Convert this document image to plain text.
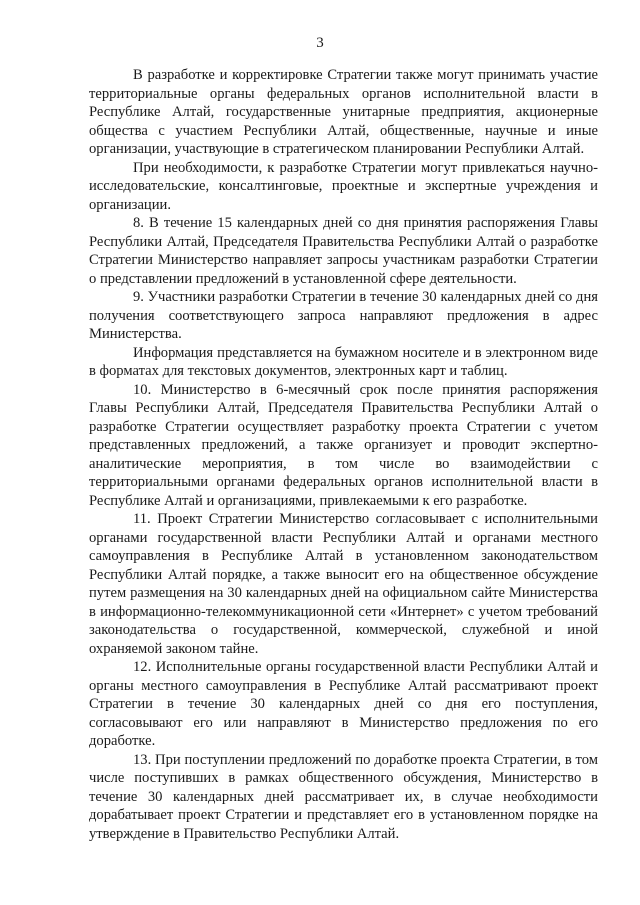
3

В разработке и корректировке Стратегии также могут принимать участие территориальные органы федеральных органов исполнительной власти в Республике Алтай, государственные унитарные предприятия, акционерные общества с участием Республики Алтай, общественные, научные и иные организации, участвующие в стратегическом планировании Республики Алтай.

При необходимости, к разработке Стратегии могут привлекаться научно-исследовательские, консалтинговые, проектные и экспертные учреждения и организации.

8. В течение 15 календарных дней со дня принятия распоряжения Главы Республики Алтай, Председателя Правительства Республики Алтай о разработке Стратегии Министерство направляет запросы участникам разработки Стратегии о представлении предложений в установленной сфере деятельности.

9. Участники разработки Стратегии в течение 30 календарных дней со дня получения соответствующего запроса направляют предложения в адрес Министерства.

Информация представляется на бумажном носителе и в электронном виде в форматах для текстовых документов, электронных карт и таблиц.

10. Министерство в 6-месячный срок после принятия распоряжения Главы Республики Алтай, Председателя Правительства Республики Алтай о разработке Стратегии осуществляет разработку проекта Стратегии с учетом представленных предложений, а также организует и проводит экспертно-аналитические мероприятия, в том числе во взаимодействии с территориальными органами федеральных органов исполнительной власти в Республике Алтай и организациями, привлекаемыми к его разработке.

11. Проект Стратегии Министерство согласовывает с исполнительными органами государственной власти Республики Алтай и органами местного самоуправления в Республике Алтай в установленном законодательством Республики Алтай порядке, а также выносит его на общественное обсуждение путем размещения на 30 календарных дней на официальном сайте Министерства в информационно-телекоммуникационной сети «Интернет» с учетом требований законодательства о государственной, коммерческой, служебной и иной охраняемой законом тайне.

12. Исполнительные органы государственной власти Республики Алтай и органы местного самоуправления в Республике Алтай рассматривают проект Стратегии в течение 30 календарных дней со дня его поступления, согласовывают его или направляют в Министерство предложения по его доработке.

13. При поступлении предложений по доработке проекта Стратегии, в том числе поступивших в рамках общественного обсуждения, Министерство в течение 30 календарных дней рассматривает их, в случае необходимости дорабатывает проект Стратегии и представляет его в установленном порядке на утверждение в Правительство Республики Алтай.
